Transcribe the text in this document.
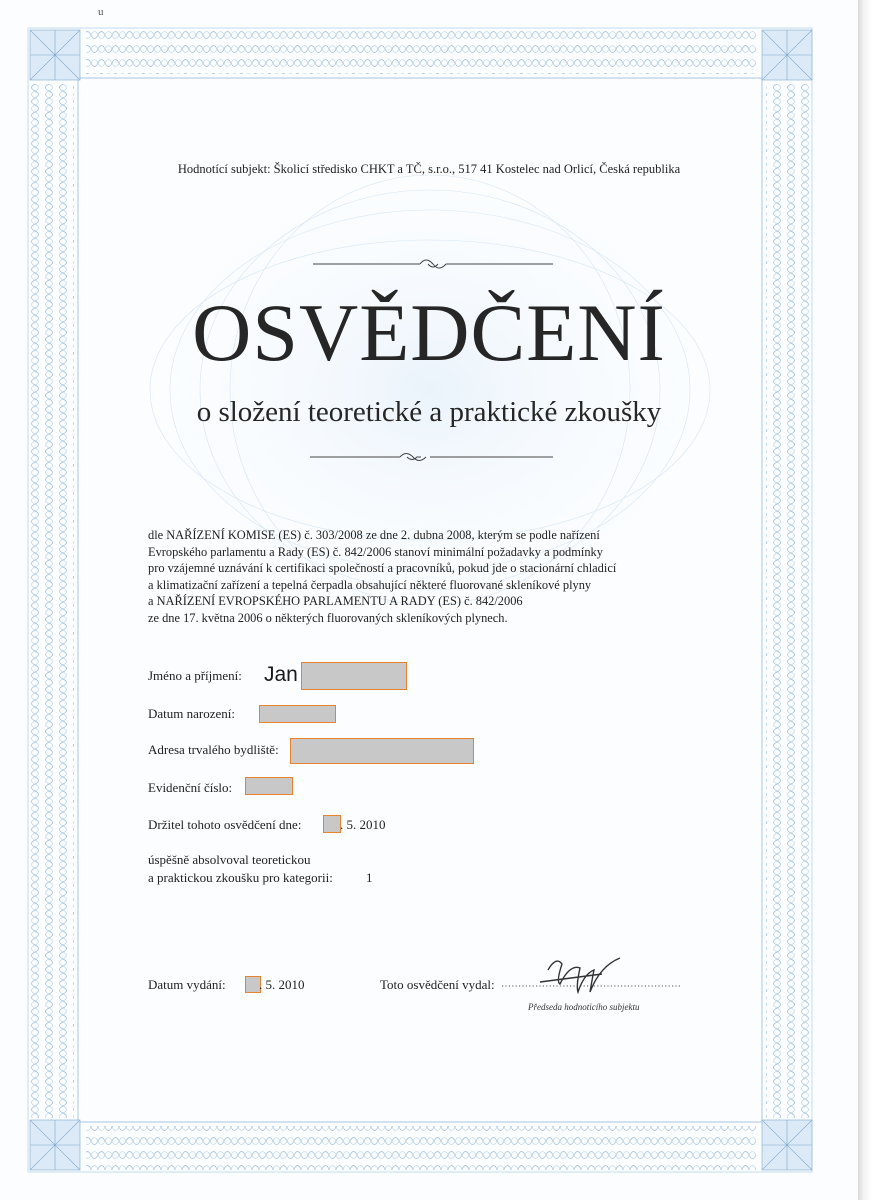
u
Hodnotící subjekt: Školicí středisko CHKT a TČ, s.r.o., 517 41 Kostelec nad Orlicí, Česká republika
OSVĚDČENÍ
o složení teoretické a praktické zkoušky
dle NAŘÍZENÍ KOMISE (ES) č. 303/2008 ze dne 2. dubna 2008, kterým se podle nařízení
Evropského parlamentu a Rady (ES) č. 842/2006 stanoví minimální požadavky a podmínky
pro vzájemné uznávání k certifikaci společností a pracovníků, pokud jde o stacionární chladicí
a klimatizační zařízení a tepelná čerpadla obsahující některé fluorované skleníkové plyny
a NAŘÍZENÍ EVROPSKÉHO PARLAMENTU A RADY (ES) č. 842/2006
ze dne 17. května 2006 o některých fluorovaných skleníkových plynech.
Jméno a příjmení: Jan
Datum narození:
Adresa trvalého bydliště:
Evidenční číslo:
Držitel tohoto osvědčení dne:	. 5. 2010
úspěšně absolvoval teoretickou
a praktickou zkoušku pro kategorii:	1
Datum vydání:	. 5. 2010	Toto osvědčení vydal:
Předseda hodnoticího subjektu
